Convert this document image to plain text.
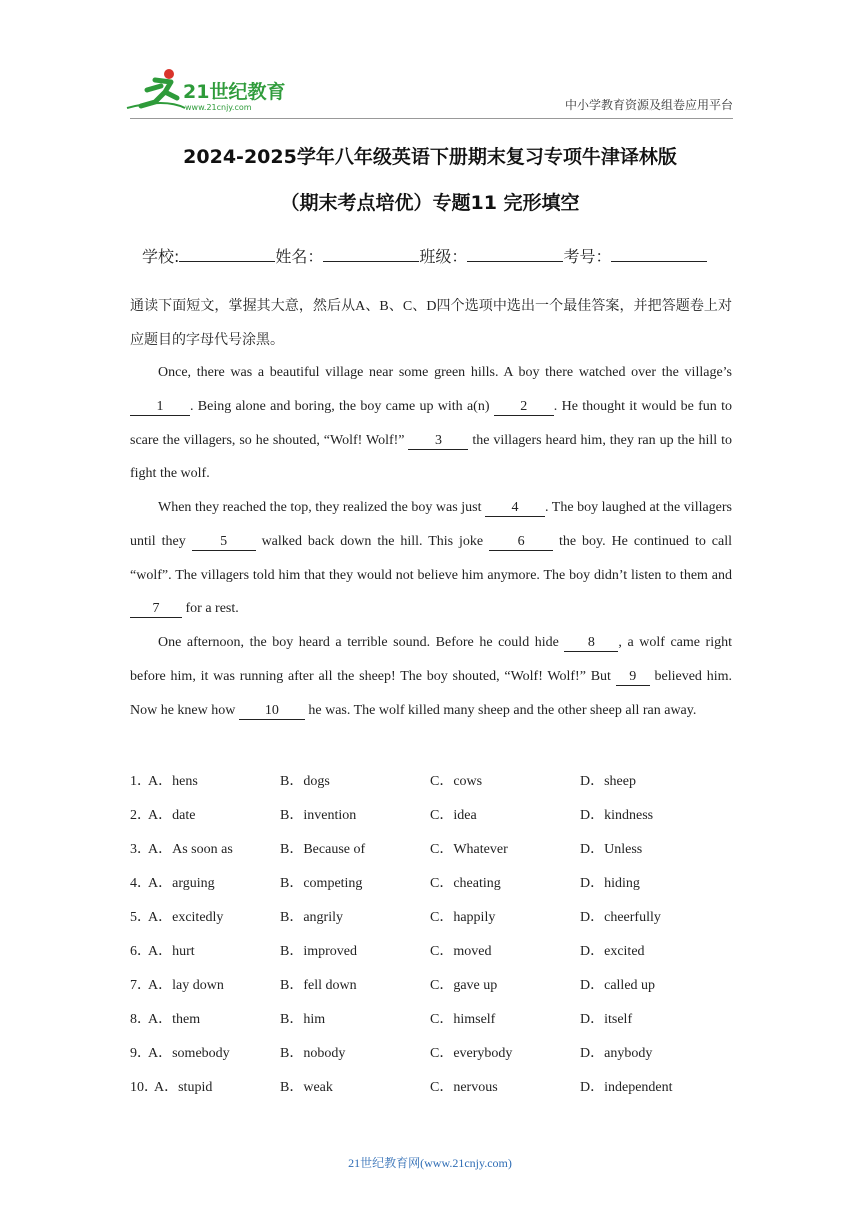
21世纪教育
www.21cnjy.com	中小学教育资源及组卷应用平台
2024-2025学年八年级英语下册期末复习专项牛津译林版
（期末考点培优）专题11 完形填空
学校:	姓名：	班级：	考号：
通读下面短文，掌握其大意，然后从A、B、C、D四个选项中选出一个最佳答案，并把答题卷上对应题目的字母代号涂黑。
Once, there was a beautiful village near some green hills. A boy there watched over the village’s 1 . Being alone and boring, the boy came up with a(n) 2 . He thought it would be fun to scare the villagers, so he shouted, “Wolf! Wolf!” 3 the villagers heard him, they ran up the hill to fight the wolf.
When they reached the top, they realized the boy was just 4 . The boy laughed at the villagers until they 5 walked back down the hill. This joke 6 the boy. He continued to call “wolf”. The villagers told him that they would not believe him anymore. The boy didn’t listen to them and 7 for a rest.
One afternoon, the boy heard a terrible sound. Before he could hide 8 , a wolf came right before him, it was running after all the sheep! The boy shouted, “Wolf! Wolf!” But 9 believed him. Now he knew how 10 he was. The wolf killed many sheep and the other sheep all ran away.
1．
A．hens	B．dogs	C．cows	D．sheep
2．
A．date	B．invention	C．idea	D．kindness
3．
A．As soon as	B．Because of	C．Whatever	D．Unless
4．
A．arguing	B．competing	C．cheating	D．hiding
5．
A．excitedly	B．angrily	C．happily	D．cheerfully
6．
A．hurt	B．improved	C．moved	D．excited
7．
A．lay down	B．fell down	C．gave up	D．called up
8．
A．them	B．him	C．himself	D．itself
9．
A．somebody	B．nobody	C．everybody	D．anybody
10．
A．stupid	B．weak	C．nervous	D．independent
21世纪教育网(www.21cnjy.com)
